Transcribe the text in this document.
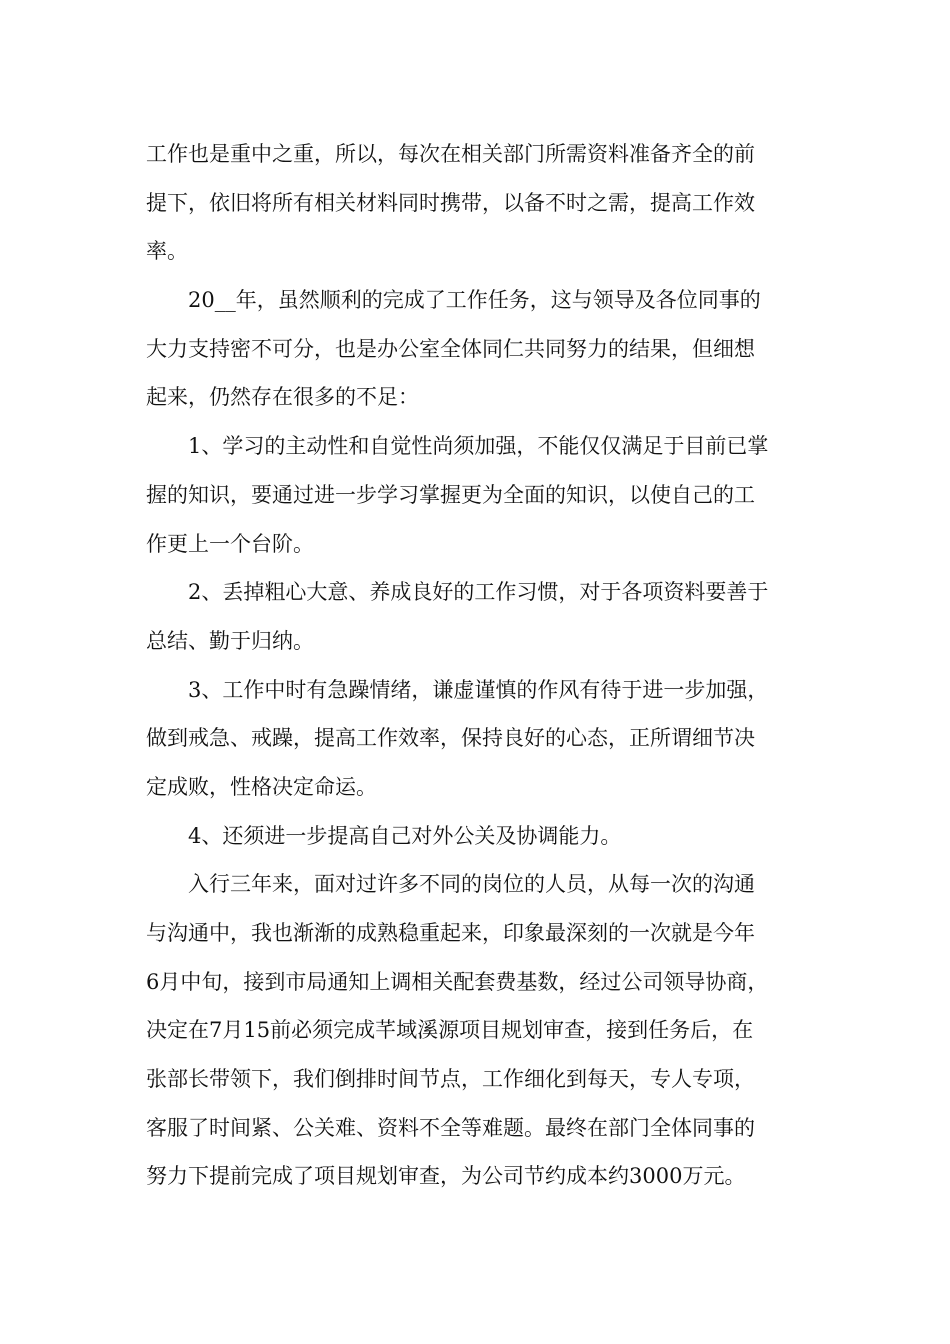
工作也是重中之重，所以，每次在相关部门所需资料准备齐全的前
提下，依旧将所有相关材料同时携带，以备不时之需，提高工作效
率。
20__年，虽然顺利的完成了工作任务，这与领导及各位同事的
大力支持密不可分，也是办公室全体同仁共同努力的结果，但细想
起来，仍然存在很多的不足：
1、学习的主动性和自觉性尚须加强，不能仅仅满足于目前已掌
握的知识，要通过进一步学习掌握更为全面的知识，以使自己的工
作更上一个台阶。
2、丢掉粗心大意、养成良好的工作习惯，对于各项资料要善于
总结、勤于归纳。
3、工作中时有急躁情绪，谦虚谨慎的作风有待于进一步加强，
做到戒急、戒躁，提高工作效率，保持良好的心态，正所谓细节决
定成败，性格决定命运。
4、还须进一步提高自己对外公关及协调能力。
入行三年来，面对过许多不同的岗位的人员，从每一次的沟通
与沟通中，我也渐渐的成熟稳重起来，印象最深刻的一次就是今年
6月中旬，接到市局通知上调相关配套费基数，经过公司领导协商，
决定在7月15前必须完成芊域溪源项目规划审查，接到任务后，在
张部长带领下，我们倒排时间节点，工作细化到每天，专人专项，
客服了时间紧、公关难、资料不全等难题。最终在部门全体同事的
努力下提前完成了项目规划审查，为公司节约成本约3000万元。
